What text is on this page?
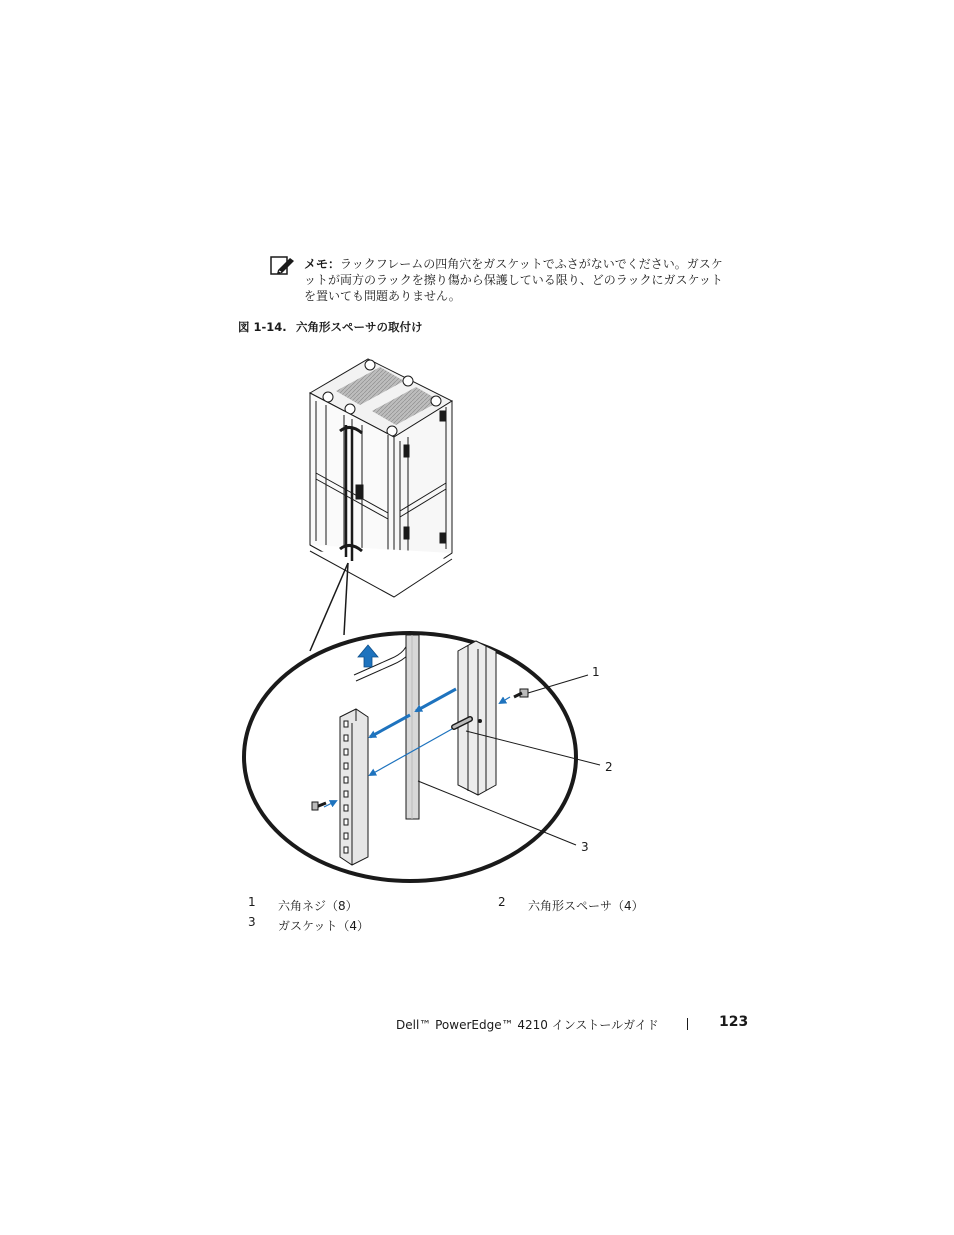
メモ：ラックフレームの四角穴をガスケットでふさがないでください。ガスケットが両方のラックを擦り傷から保護している限り、どのラックにガスケットを置いても問題ありません。
図 1-14. 六角形スペーサの取付け
1
2
3
1 六角ネジ（8）	2 六角形スペーサ（4）
3 ガスケット（4）
Dell™ PowerEdge™ 4210 インストールガイド	123
